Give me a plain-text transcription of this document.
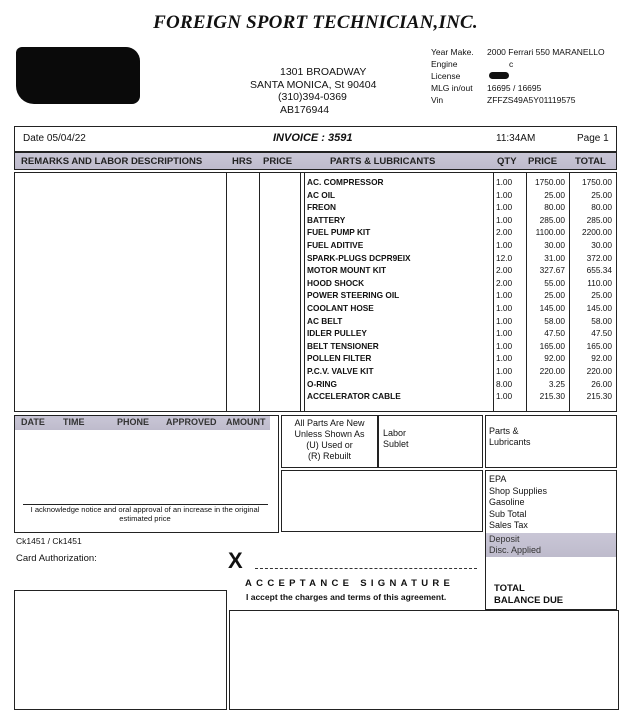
FOREIGN SPORT TECHNICIAN,INC.
1301 BROADWAY
SANTA MONICA, St 90404
(310)394-0369
AB176944
Year Make.	2000 Ferrari 550 MARANELLO
Engine	c
License
MLG in/out	16695 / 16695
Vin	ZFFZS49A5Y01119575
Date 05/04/22	INVOICE : 3591	11:34AM	Page 1
REMARKS AND LABOR DESCRIPTIONS	HRS PRICE	PARTS & LUBRICANTS	QTY PRICE TOTAL
AC. COMPRESSOR	1.00	1750.00	1750.00
AC OIL	1.00	25.00	25.00
FREON	1.00	80.00	80.00
BATTERY	1.00	285.00	285.00
FUEL PUMP KIT	2.00	1100.00	2200.00
FUEL ADITIVE	1.00	30.00	30.00
SPARK-PLUGS DCPR9EIX	12.0	31.00	372.00
MOTOR MOUNT KIT	2.00	327.67	655.34
HOOD SHOCK	2.00	55.00	110.00
POWER STEERING OIL	1.00	25.00	25.00
COOLANT HOSE	1.00	145.00	145.00
AC BELT	1.00	58.00	58.00
IDLER PULLEY	1.00	47.50	47.50
BELT TENSIONER	1.00	165.00	165.00
POLLEN FILTER	1.00	92.00	92.00
P.C.V. VALVE KIT	1.00	220.00	220.00
O-RING	8.00	3.25	26.00
ACCELERATOR CABLE	1.00	215.30	215.30
DATE TIME	PHONE APPROVED AMOUNT
I acknowledge notice and oral approval of an increase in the original estimated price
Ck1451 / Ck1451
Card Authorization:
All Parts Are New
Unless Shown As
(U) Used or
(R) Rebuilt
Labor
Sublet
Parts &
Lubricants
EPA
Shop Supplies
Gasoline
Sub Total
Sales Tax
Deposit
Disc. Applied
TOTAL
BALANCE DUE
X
ACCEPTANCE SIGNATURE
I accept the charges and terms of this agreement.
